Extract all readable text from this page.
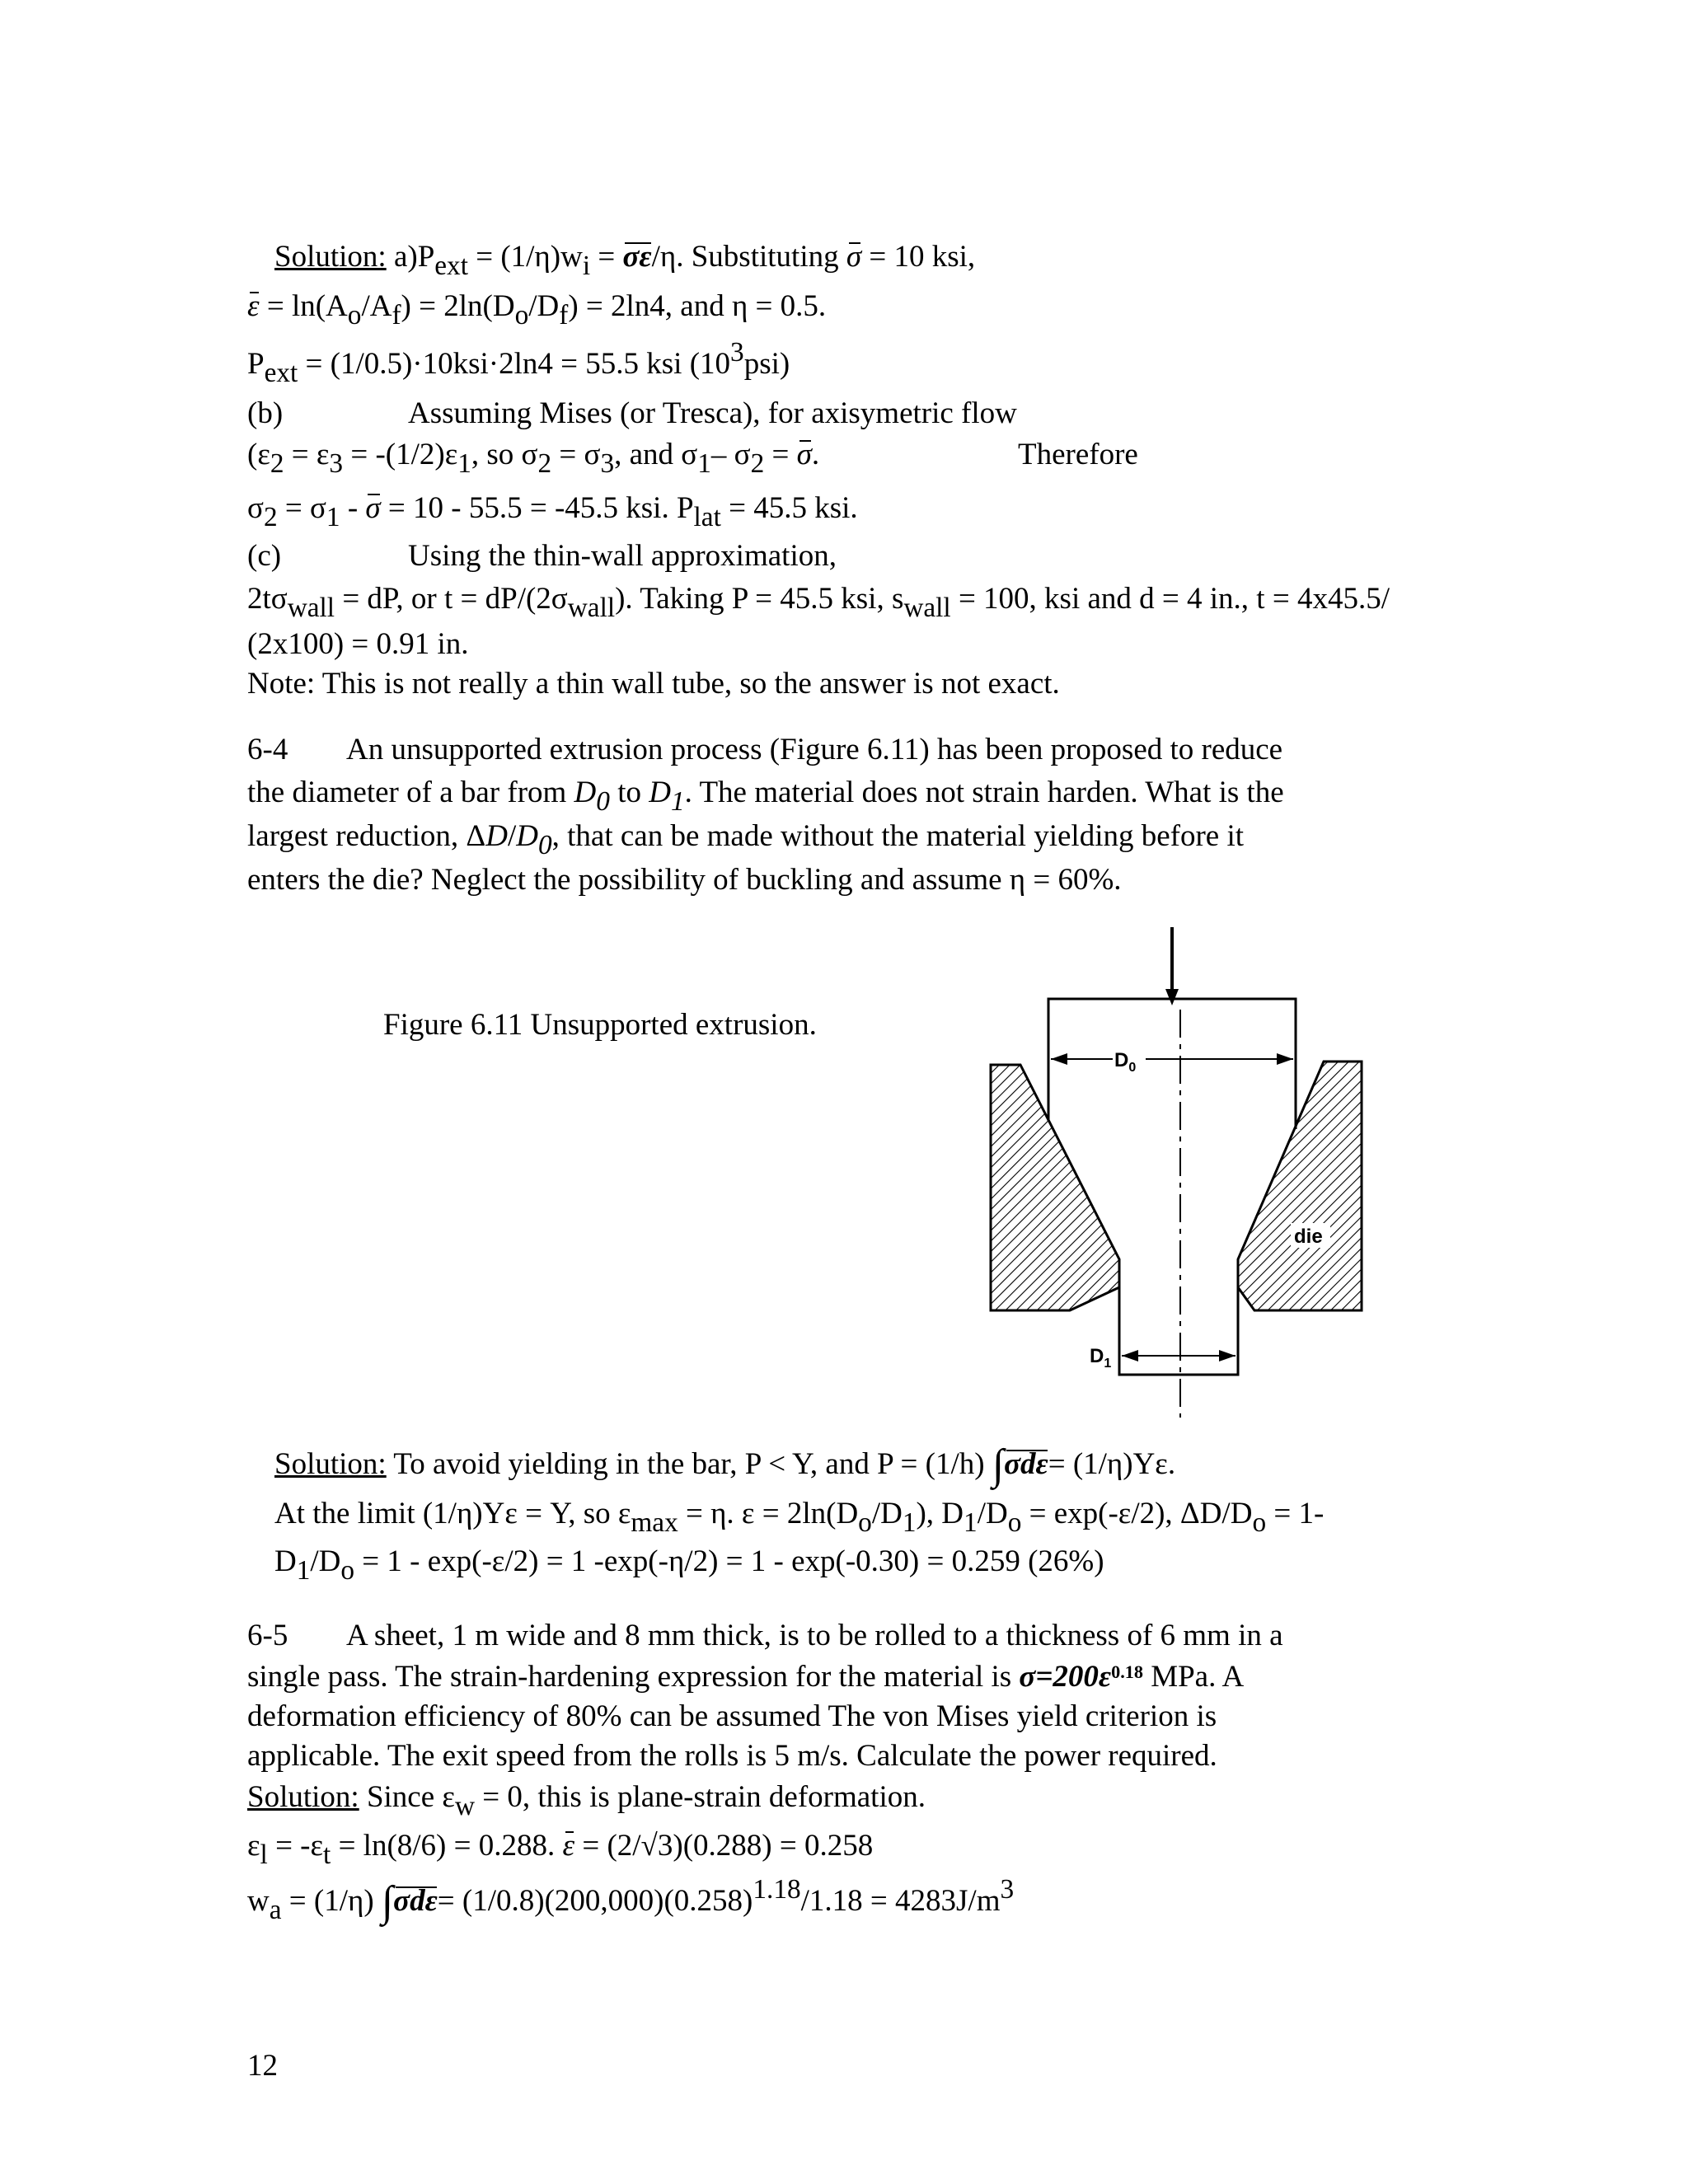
Solution: $a)P_{ext} = (1/\eta)w_i = \sigma\varepsilon/\eta$. Substituting σ = 10 ksi,
$\varepsilon = \ln(A_o/A_f) = 2\ln(D_o/D_f) = 2\ln 4$, and η = 0.5.
$P_{ext} = (1/0.5)\cdot 10ksi\cdot 2\ln 4 = 55.5$ ksi $(10^3psi)$
(b)	Assuming Mises (or Tresca), for axisymetric flow
($\varepsilon_2 = \varepsilon_3 = -(1/2)\varepsilon_1$, so $\sigma_2 = \sigma_3$, and $\sigma_1-$ $\sigma_2 = \sigma$.	Therefore
$\sigma_2 = \sigma_1 - \sigma = 10 - 55.5 = -45.5$ ksi. $P_{lat} = 45.5$ ksi.
(c)	Using the thin-wall approximation,
$2t\sigma_{wall}$ = dP, or $t = dP/(2\sigma_{wall})$. Taking P = 45.5 ksi, $s_{wall} = 100$, ksi and d = 4 in., t = 4x45.5/
(2x100) = 0.91 in.
Note: This is not really a thin wall tube, so the answer is not exact.
6-4 An unsupported extrusion process (Figure 6.11) has been proposed to reduce
the diameter of a bar from $D_0$ to $D_1$. The material does not strain harden. What is the
largest reduction, $\Delta D/D_0$, that can be made without the material yielding before it
enters the die? Neglect the possibility of buckling and assume η = 60%.
Figure 6.11 Unsupported extrusion.
$D_0$
$D_1$
die
Solution: To avoid yielding in the bar, P < Y, and P = (1/h) ∫σdε= (1/η)Yε.
At the limit (1/η)Yε = Y, so $\varepsilon_{max} = \eta$. $\varepsilon = 2\ln(D_o/D_1)$, $D_1/D_o = \exp(-\varepsilon/2)$, $\Delta D/D_o = 1-$
$D_1/D_o = 1 - \exp(-\varepsilon/2) = 1$ -exp(-η/2) = 1 - exp(-0.30) = 0.259 (26%)
6-5 A sheet, 1 m wide and 8 mm thick, is to be rolled to a thickness of 6 mm in a
single pass. The strain-hardening expression for the material is $\sigma=200\varepsilon^{0.18}$ MPa. A
deformation efficiency of 80% can be assumed The von Mises yield criterion is
applicable. The exit speed from the rolls is 5 m/s. Calculate the power required.
Solution: Since $\varepsilon_w = 0$, this is plane-strain deformation.
$\varepsilon_l = -\varepsilon_t = \ln(8/6) = 0.288$. ε = (2/√3)(0.288) = 0.258
$w_a = (1/\eta)$ $\int\sigma d\varepsilon= (1/0.8)(200,000)(0.258)^{1.18}/1.18 = 4283J/m^3$
12
